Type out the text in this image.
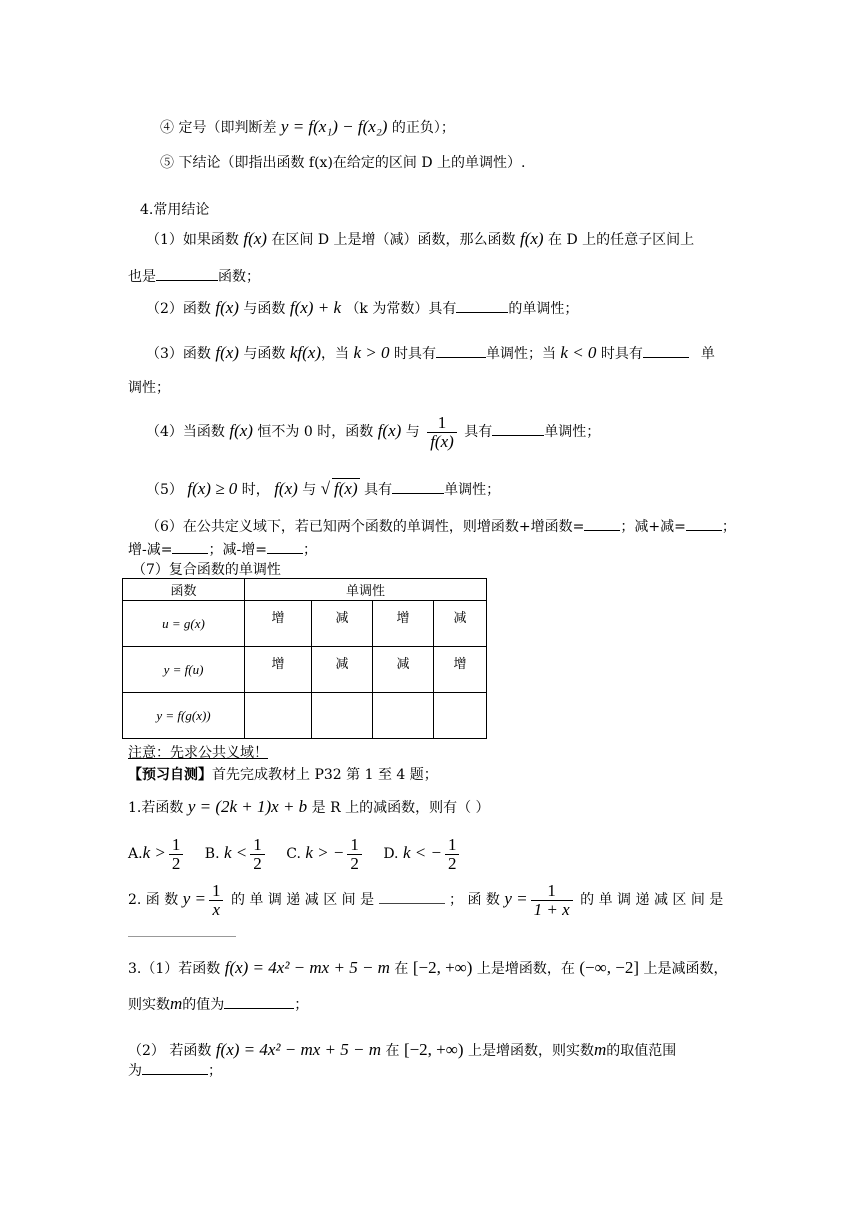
④ 定号（即判断差 y = f(x₁) − f(x₂) 的正负）；
⑤ 下结论（即指出函数 f(x)在给定的区间 D 上的单调性）.
4.常用结论
（1）如果函数 f(x) 在区间 D 上是增（减）函数，那么函数 f(x) 在 D 上的任意子区间上
也是	函数；
（2）函数 f(x) 与函数 f(x) + k （k 为常数）具有	的单调性；
（3）函数 f(x) 与函数 kf(x)，当 k > 0 时具有	单调性；当 k < 0 时具有	单
调性；
（4）当函数 f(x) 恒不为 0 时，函数 f(x) 与 $\frac{1}{f(x)}$ 具有	单调性；
（5） f(x) ≥ 0 时， f(x) 与 √ f(x) 具有	单调性；
（6）在公共定义域下，若已知两个函数的单调性，则增函数+增函数=	；减+减=	；
增-减=	；减-增=	；
（7）复合函数的单调性
函数	单调性			
u = g(x)	增	减	增	减
y = f(u)	增	减	减	增
y = f(g(x))				
注意：先求公共义域！
【预习自测】首先完成教材上 P32 第 1 至 4 题；
1.若函数 y = (2k + 1)x + b 是 R 上的减函数，则有（ ）
$A.k > \frac{1}{2} B$. $k < \frac{1}{2} C$. k > − $\frac{1}{2} D$. k < − $\frac{1}{2}$
2. 函 数 $y = \frac{1}{x}$ 的 单 调 递 减 区 间 是	； 函 数 $y = \frac{1}{1 + x}$ 的 单 调 递 减 区 间 是
3.（1）若函数 f(x) = 4x² − mx + 5 − m 在 [−2, +∞) 上是增函数，在 (−∞, −2] 上是减函数，
则实数m的值为	；
（2） 若函数 f(x) = 4x² − mx + 5 − m 在 [−2, +∞) 上是增函数，则实数m的取值范围
为	；
